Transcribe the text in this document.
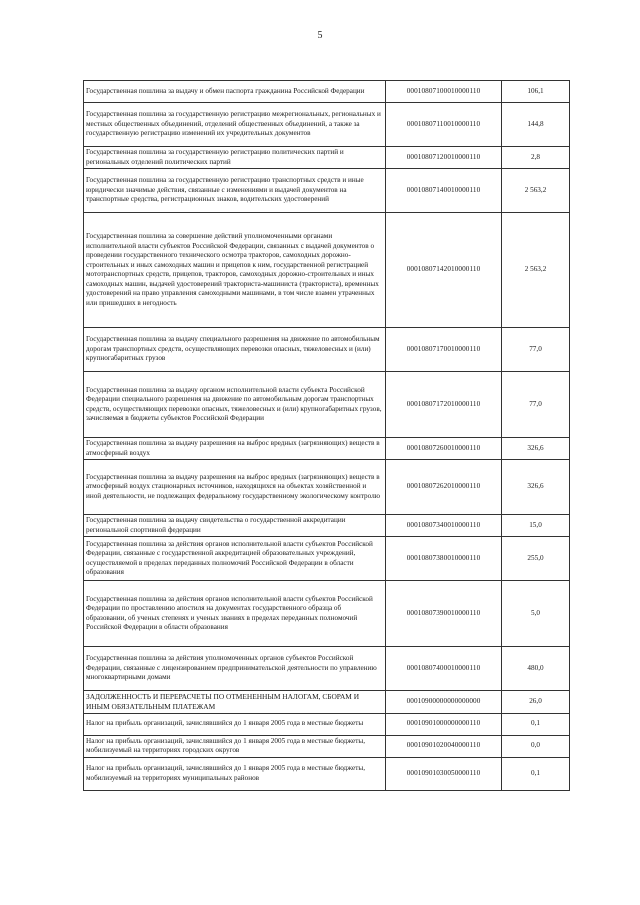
5
Государственная пошлина за выдачу и обмен паспорта гражданина Российской Федерации	00010807100010000110	106,1
Государственная пошлина за государственную регистрацию межрегиональных, региональных и местных общественных объединений, отделений общественных объединений, а также за государственную регистрацию изменений их учредительных документов	00010807110010000110	144,8
Государственная пошлина за государственную регистрацию политических партий и региональных отделений политических партий	00010807120010000110	2,8
Государственная пошлина за государственную регистрацию транспортных средств и иные юридически значимые действия, связанные с изменениями и выдачей документов на транспортные средства, регистрационных знаков, водительских удостоверений	00010807140010000110	2 563,2
Государственная пошлина за совершение действий уполномоченными органами исполнительной власти субъектов Российской Федерации, связанных с выдачей документов о проведении государственного технического осмотра тракторов, самоходных дорожно-строительных и иных самоходных машин и прицепов к ним, государственной регистрацией мототранспортных средств, прицепов, тракторов, самоходных дорожно-строительных и иных самоходных машин, выдачей удостоверений тракториста-машиниста (тракториста), временных удостоверений на право управления самоходными машинами, в том числе взамен утраченных или пришедших в негодность	00010807142010000110	2 563,2
Государственная пошлина за выдачу специального разрешения на движение по автомобильным дорогам транспортных средств, осуществляющих перевозки опасных, тяжеловесных и (или) крупногабаритных грузов	00010807170010000110	77,0
Государственная пошлина за выдачу органом исполнительной власти субъекта Российской Федерации специального разрешения на движение по автомобильным дорогам транспортных средств, осуществляющих перевозки опасных, тяжеловесных и (или) крупногабаритных грузов, зачисляемая в бюджеты субъектов Российской Федерации	00010807172010000110	77,0
Государственная пошлина за выдачу разрешения на выброс вредных (загрязняющих) веществ в атмосферный воздух	00010807260010000110	326,6
Государственная пошлина за выдачу разрешения на выброс вредных (загрязняющих) веществ в атмосферный воздух стационарных источников, находящихся на объектах хозяйственной и иной деятельности, не подлежащих федеральному государственному экологическому контролю	00010807262010000110	326,6
Государственная пошлина за выдачу свидетельства о государственной аккредитации региональной спортивной федерации	00010807340010000110	15,0
Государственная пошлина за действия органов исполнительной власти субъектов Российской Федерации, связанные с государственной аккредитацией образовательных учреждений, осуществляемой в пределах переданных полномочий Российской Федерации в области образования	00010807380010000110	255,0
Государственная пошлина за действия органов исполнительной власти субъектов Российской Федерации по проставлению апостиля на документах государственного образца об образовании, об ученых степенях и ученых званиях в пределах переданных полномочий Российской Федерации в области образования	00010807390010000110	5,0
Государственная пошлина за действия уполномоченных органов субъектов Российской Федерации, связанные с лицензированием предпринимательской деятельности по управлению многоквартирными домами	00010807400010000110	480,0
ЗАДОЛЖЕННОСТЬ И ПЕРЕРАСЧЕТЫ ПО ОТМЕНЕННЫМ НАЛОГАМ, СБОРАМ И ИНЫМ ОБЯЗАТЕЛЬНЫМ ПЛАТЕЖАМ	00010900000000000000	26,0
Налог на прибыль организаций, зачислявшийся до 1 января 2005 года в местные бюджеты	00010901000000000110	0,1
Налог на прибыль организаций, зачислявшийся до 1 января 2005 года в местные бюджеты, мобилизуемый на территориях городских округов	00010901020040000110	0,0
Налог на прибыль организаций, зачислявшийся до 1 января 2005 года в местные бюджеты, мобилизуемый на территориях муниципальных районов	00010901030050000110	0,1
